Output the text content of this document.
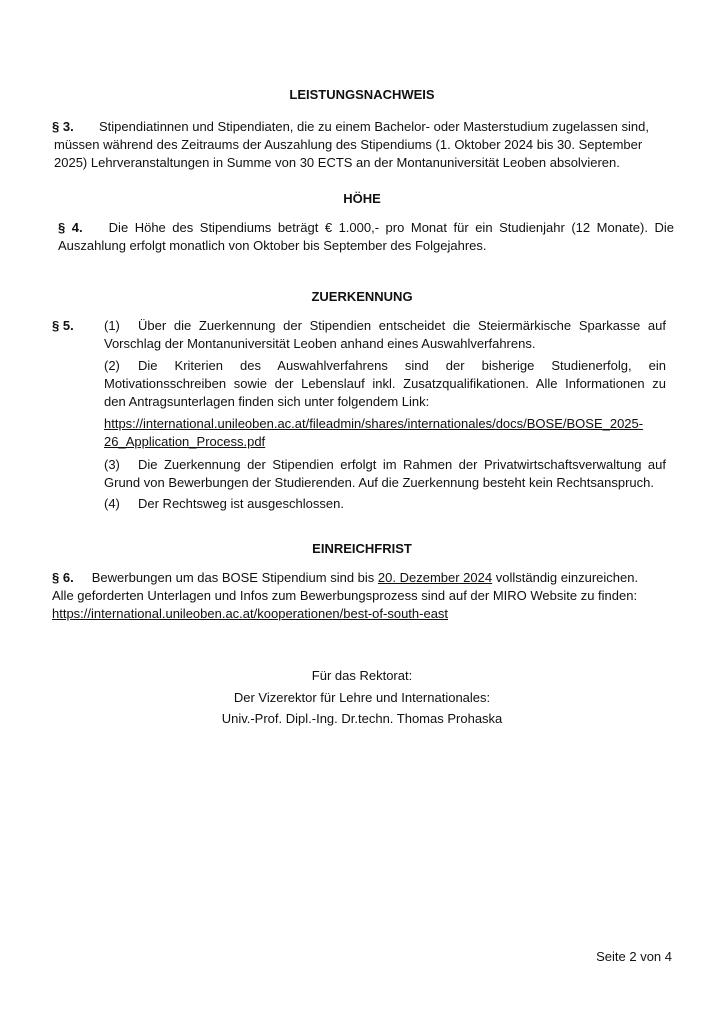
LEISTUNGSNACHWEIS

§ 3. Stipendiatinnen und Stipendiaten, die zu einem Bachelor- oder Masterstudium zugelassen sind,

müssen während des Zeitraums der Auszahlung des Stipendiums (1. Oktober 2024 bis 30. September

2025) Lehrveranstaltungen in Summe von 30 ECTS an der Montanuniversität Leoben absolvieren.

HÖHE

§ 4. Die Höhe des Stipendiums beträgt € 1.000,- pro Monat für ein Studienjahr (12 Monate). Die

Auszahlung erfolgt monatlich von Oktober bis September des Folgejahres.

ZUERKENNUNG
§ 5. (1) Über die Zuerkennung der Stipendien entscheidet die Steiermärkische Sparkasse auf

Vorschlag der Montanuniversität Leoben anhand eines Auswahlverfahrens.

(2) Die Kriterien des Auswahlverfahrens sind der bisherige Studienerfolg, ein

Motivationsschreiben sowie der Lebenslauf inkl. Zusatzqualifikationen. Alle Informationen zu

den Antragsunterlagen finden sich unter folgendem Link:

https://international.unileoben.ac.at/fileadmin/shares/internationales/docs/BOSE/BOSE_2025-

26_Application_Process.pdf

(3) Die Zuerkennung der Stipendien erfolgt im Rahmen der Privatwirtschaftsverwaltung auf

Grund von Bewerbungen der Studierenden. Auf die Zuerkennung besteht kein Rechtsanspruch.

(4) Der Rechtsweg ist ausgeschlossen.
EINREICHFRIST

§ 6. Bewerbungen um das BOSE Stipendium sind bis 20. Dezember 2024 vollständig einzureichen.

Alle geforderten Unterlagen und Infos zum Bewerbungsprozess sind auf der MIRO Website zu finden:

https://international.unileoben.ac.at/kooperationen/best-of-south-east

Für das Rektorat:
Der Vizerektor für Lehre und Internationales:
Univ.-Prof. Dipl.-Ing. Dr.techn. Thomas Prohaska
Seite 2 von 4
